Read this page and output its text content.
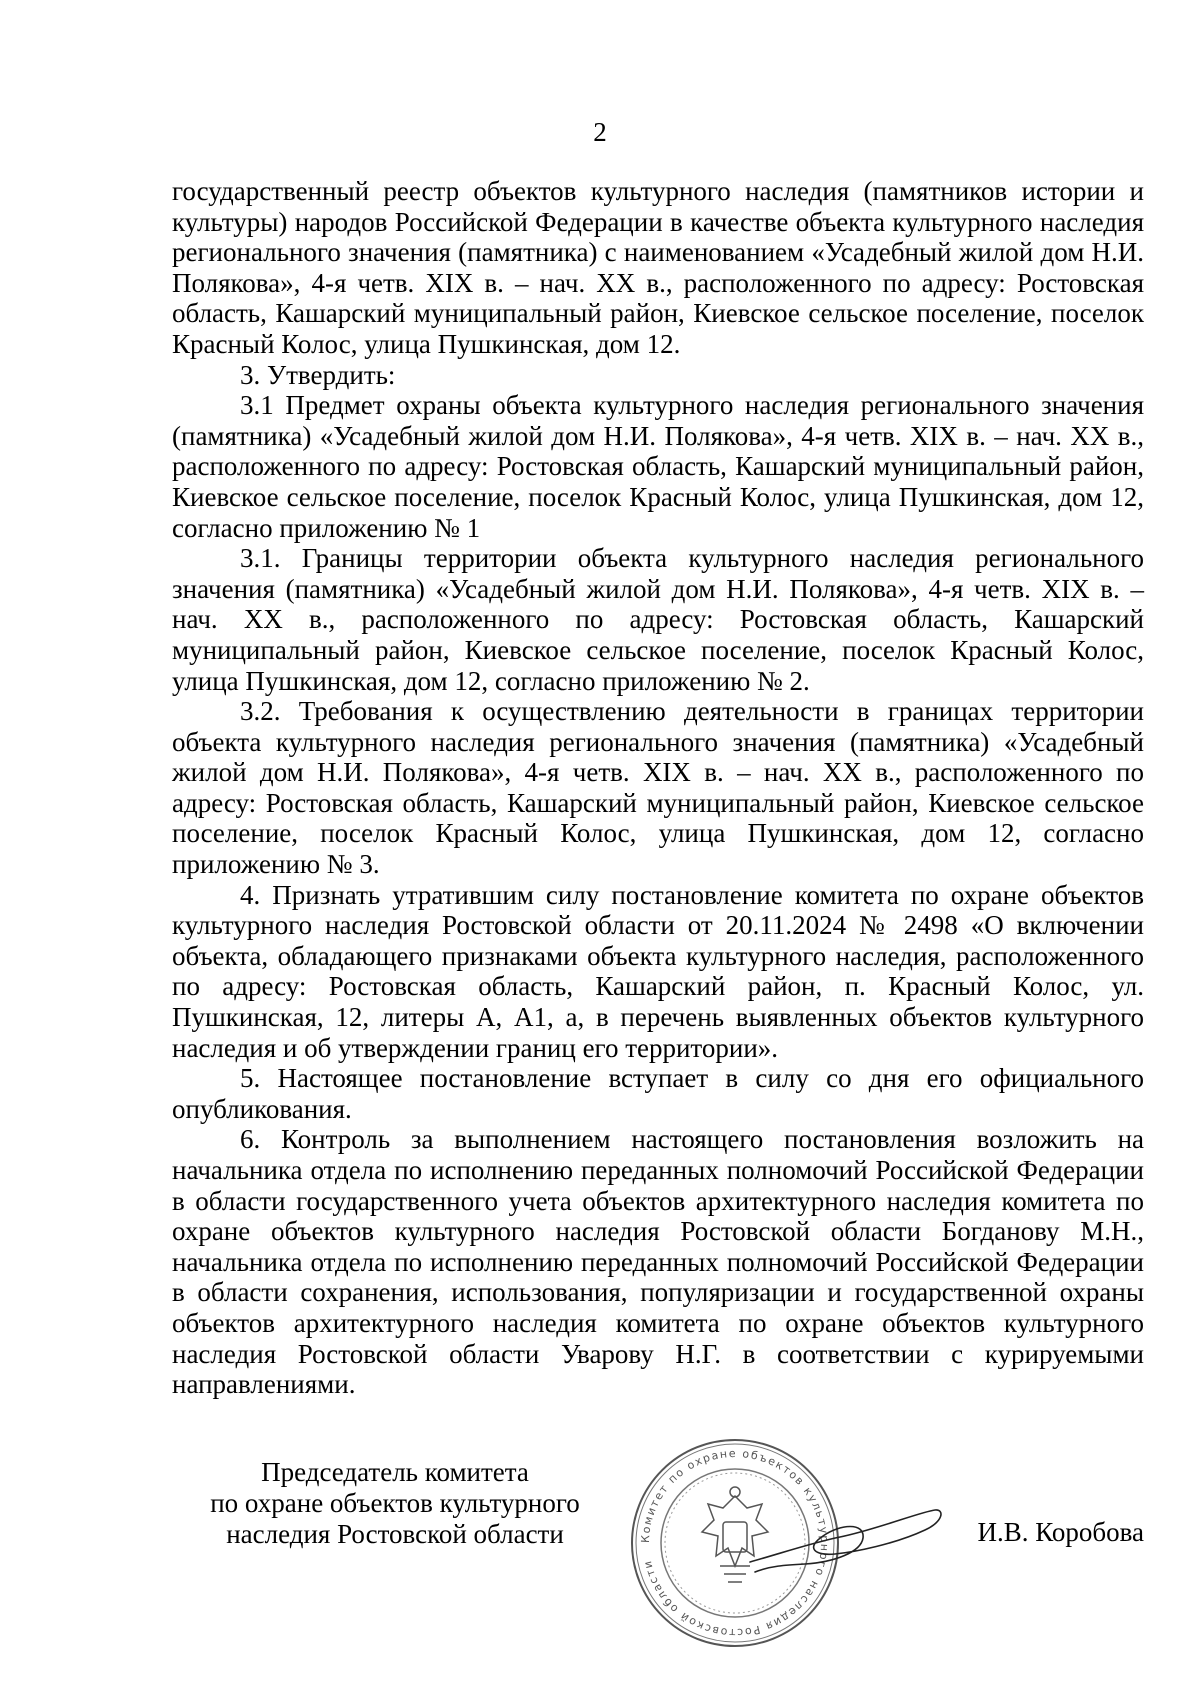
2

государственный реестр объектов культурного наследия (памятников истории и культуры) народов Российской Федерации в качестве объекта культурного наследия регионального значения (памятника) с наименованием «Усадебный жилой дом Н.И. Полякова», 4-я четв. XIX в. – нач. XX в., расположенного по адресу: Ростовская область, Кашарский муниципальный район, Киевское сельское поселение, поселок Красный Колос, улица Пушкинская, дом 12.

3. Утвердить:

3.1 Предмет охраны объекта культурного наследия регионального значения (памятника) «Усадебный жилой дом Н.И. Полякова», 4-я четв. XIX в. – нач. XX в., расположенного по адресу: Ростовская область, Кашарский муниципальный район, Киевское сельское поселение, поселок Красный Колос, улица Пушкинская, дом 12, согласно приложению № 1

3.1. Границы территории объекта культурного наследия регионального значения (памятника) «Усадебный жилой дом Н.И. Полякова», 4-я четв. XIX в. – нач. XX в., расположенного по адресу: Ростовская область, Кашарский муниципальный район, Киевское сельское поселение, поселок Красный Колос, улица Пушкинская, дом 12, согласно приложению № 2.

3.2. Требования к осуществлению деятельности в границах территории объекта культурного наследия регионального значения (памятника) «Усадебный жилой дом Н.И. Полякова», 4-я четв. XIX в. – нач. XX в., расположенного по адресу: Ростовская область, Кашарский муниципальный район, Киевское сельское поселение, поселок Красный Колос, улица Пушкинская, дом 12, согласно приложению № 3.

4. Признать утратившим силу постановление комитета по охране объектов культурного наследия Ростовской области от 20.11.2024 № 2498 «О включении объекта, обладающего признаками объекта культурного наследия, расположенного по адресу: Ростовская область, Кашарский район, п. Красный Колос, ул. Пушкинская, 12, литеры А, А1, а, в перечень выявленных объектов культурного наследия и об утверждении границ его территории».

5. Настоящее постановление вступает в силу со дня его официального опубликования.

6. Контроль за выполнением настоящего постановления возложить на начальника отдела по исполнению переданных полномочий Российской Федерации в области государственного учета объектов архитектурного наследия комитета по охране объектов культурного наследия Ростовской области Богданову М.Н., начальника отдела по исполнению переданных полномочий Российской Федерации в области сохранения, использования, популяризации и государственной охраны объектов архитектурного наследия комитета по охране объектов культурного наследия Ростовской области Уварову Н.Г. в соответствии с курируемыми направлениями.

Председатель комитета
по охране объектов культурного
наследия Ростовской области	Комитет по охране объектов культурного наследия Ростовской области
И.В. Коробова
